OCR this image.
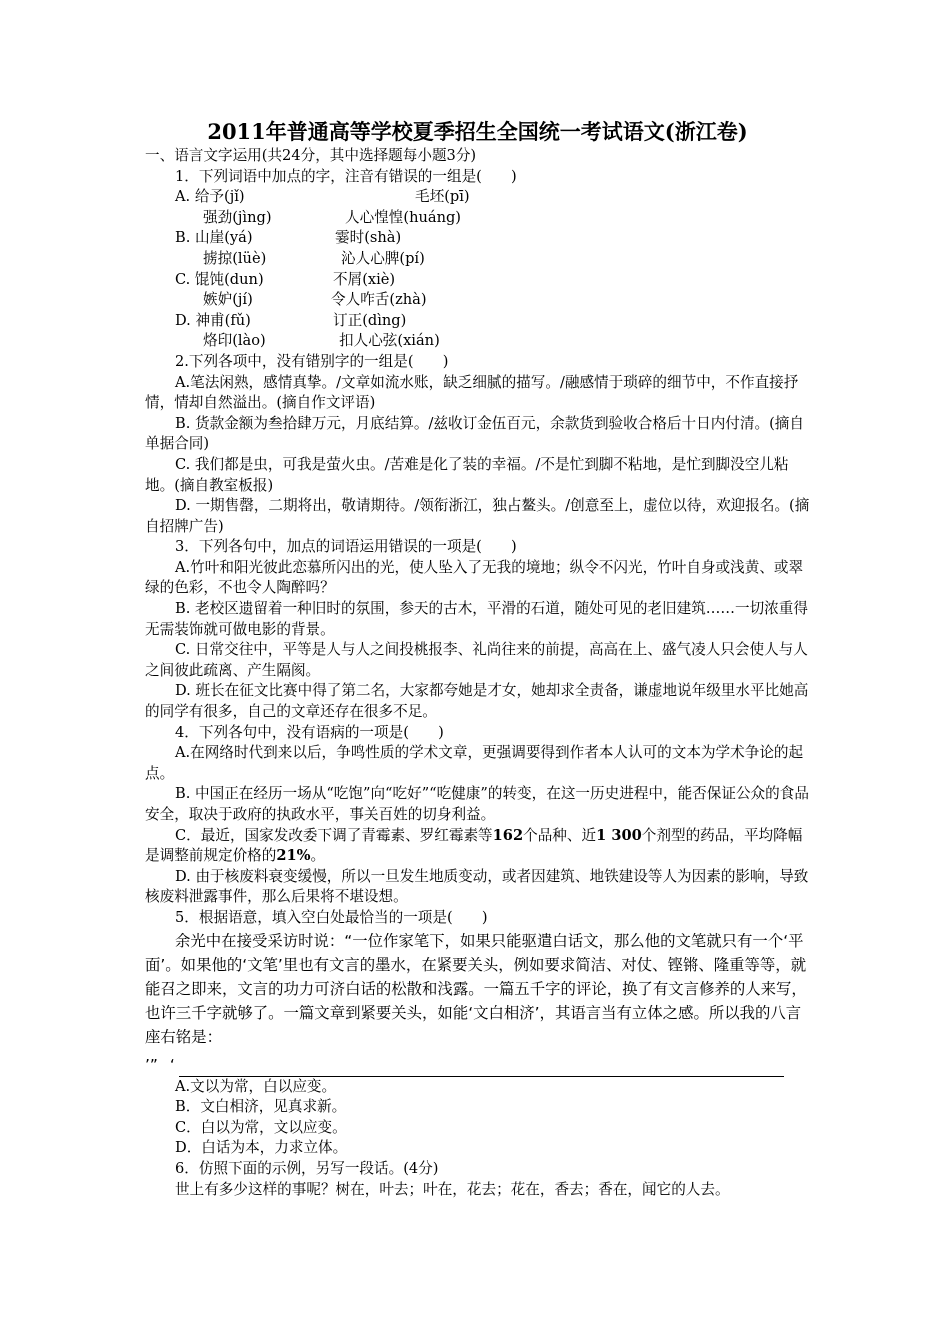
2011年普通高等学校夏季招生全国统一考试语文(浙江卷)

一、语言文字运用(共24分，其中选择题每小题3分)

1．下列词语中加点的字，注音有错误的一组是(　　)

A. 给予(jǐ)	毛坯(pī)
强劲(jìng)	人心惶惶(huáng)
B. 山崖(yá)	霎时(shà)
掳掠(lüè)	沁人心脾(pí)
C. 馄饨(dun)	不屑(xiè)
嫉妒(jí)	令人咋舌(zhà)
D. 神甫(fǔ)	订正(dìng)
烙印(lào)	扣人心弦(xián)

2.下列各项中，没有错别字的一组是(　　)

A.笔法闲熟，感情真挚。/文章如流水账，缺乏细腻的描写。/融感情于琐碎的细节中，不作直接抒情，情却自然溢出。(摘自作文评语)

B. 货款金额为叁拾肆万元，月底结算。/兹收订金伍百元，余款货到验收合格后十日内付清。(摘自单据合同)

C. 我们都是虫，可我是萤火虫。/苦难是化了装的幸福。/不是忙到脚不粘地，是忙到脚没空儿粘地。(摘自教室板报)

D. 一期售罄，二期将出，敬请期待。/领衔浙江，独占鳌头。/创意至上，虚位以待，欢迎报名。(摘自招牌广告)

3．下列各句中，加点的词语运用错误的一项是(　　)

A.竹叶和阳光彼此恋慕所闪出的光，使人坠入了无我的境地；纵令不闪光，竹叶自身或浅黄、或翠绿的色彩，不也令人陶醉吗？

B. 老校区遗留着一种旧时的氛围，参天的古木，平滑的石道，随处可见的老旧建筑……一切浓重得无需装饰就可做电影的背景。

C. 日常交往中，平等是人与人之间投桃报李、礼尚往来的前提，高高在上、盛气凌人只会使人与人之间彼此疏离、产生隔阂。

D. 班长在征文比赛中得了第二名，大家都夸她是才女，她却求全责备，谦虚地说年级里水平比她高的同学有很多，自己的文章还存在很多不足。

4．下列各句中，没有语病的一项是(　　)

A.在网络时代到来以后，争鸣性质的学术文章，更强调要得到作者本人认可的文本为学术争论的起点。

B. 中国正在经历一场从“吃饱”向“吃好”“吃健康”的转变，在这一历史进程中，能否保证公众的食品安全，取决于政府的执政水平，事关百姓的切身利益。

C．最近，国家发改委下调了青霉素、罗红霉素等162个品种、近1 300个剂型的药品，平均降幅是调整前规定价格的21%。

D. 由于核废料衰变缓慢，所以一旦发生地质变动，或者因建筑、地铁建设等人为因素的影响，导致核废料泄露事件，那么后果将不堪设想。

5．根据语意，填入空白处最恰当的一项是(　　)

余光中在接受采访时说：“一位作家笔下，如果只能驱遣白话文，那么他的文笔就只有一个‘平面’。如果他的‘文笔’里也有文言的墨水，在紧要关头，例如要求简洁、对仗、铿锵、隆重等等，就能召之即来，文言的功力可济白话的松散和浅露。一篇五千字的评论，换了有文言修养的人来写，也许三千字就够了。一篇文章到紧要关头，如能‘文白相济’，其语言当有立体之感。所以我的八言座右铭是：

’” ‘

A.文以为常，白以应变。

B．文白相济，见真求新。

C．白以为常，文以应变。

D．白话为本，力求立体。

6．仿照下面的示例，另写一段话。(4分)

世上有多少这样的事呢？树在，叶去；叶在，花去；花在，香去；香在，闻它的人去。
